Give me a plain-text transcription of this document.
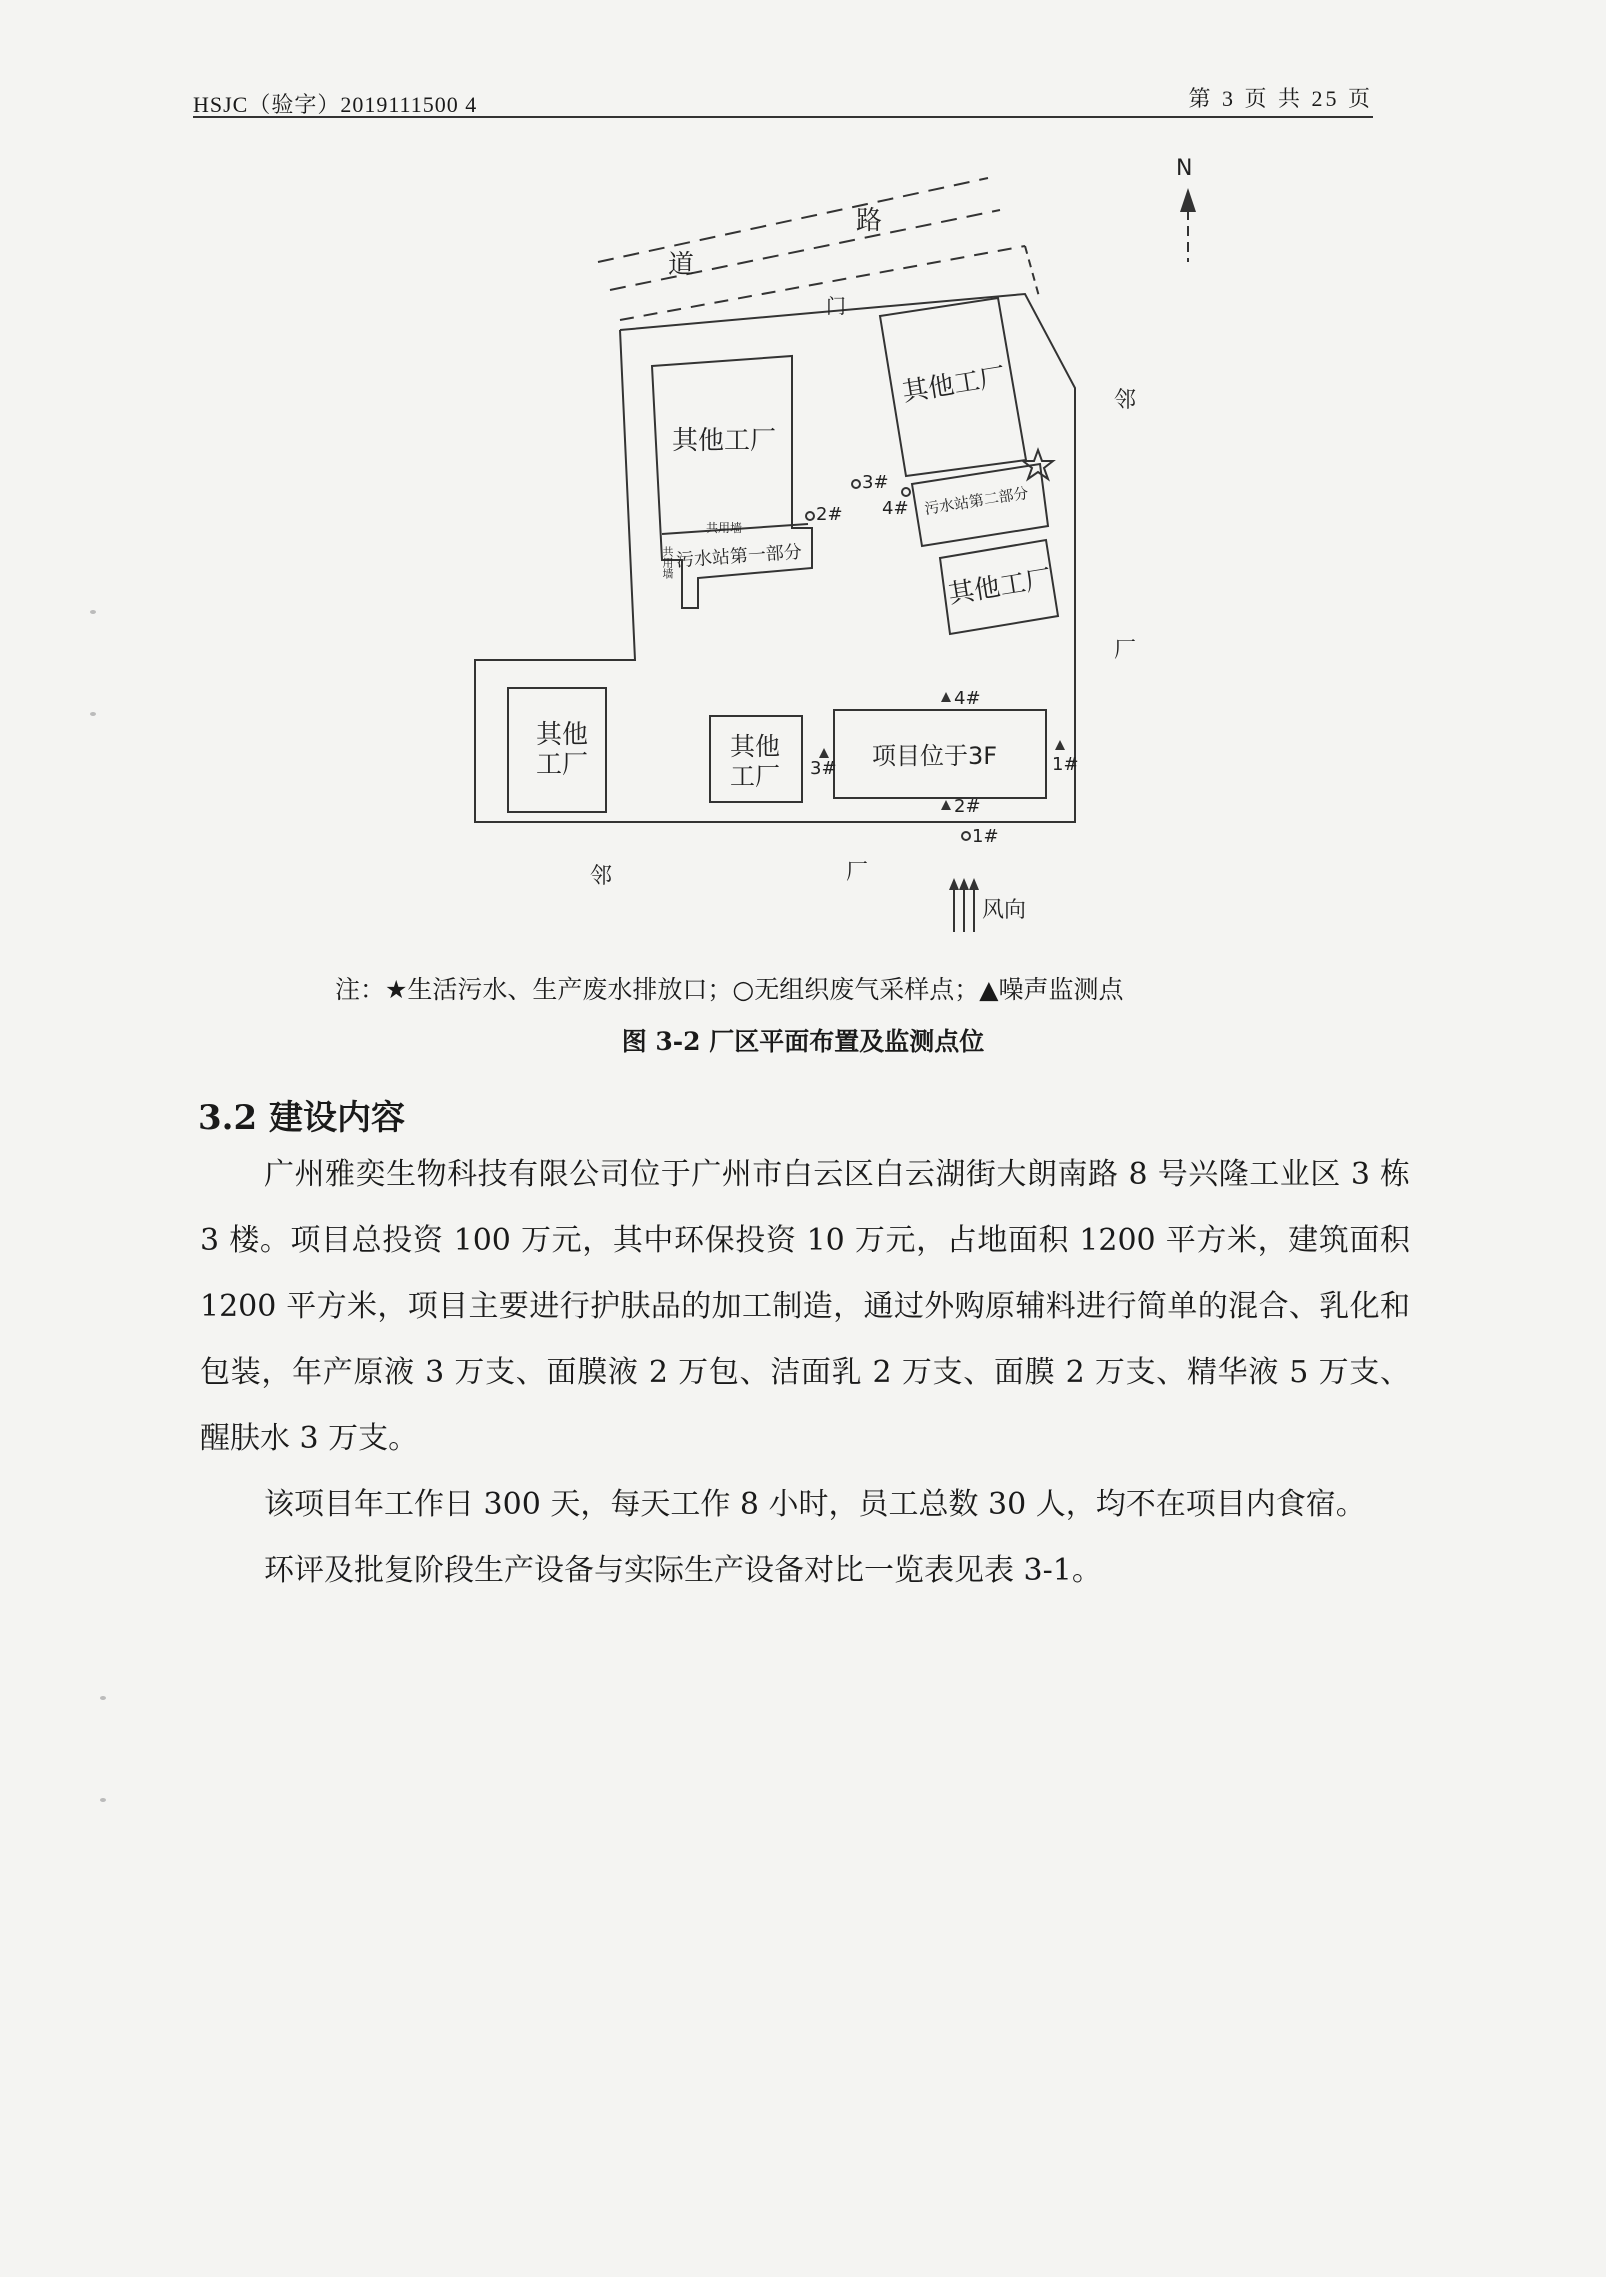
HSJC（验字）2019111500 4	第 3 页 共 25 页
N
道
路
门
其他工厂
其他工厂
其他工厂
其他
工厂
其他
工厂
项目位于3F
共用墙
共用墙 污水站第一部分
污水站第二部分
1#
2#
3#
4#
1#
2#
3#
4#
邻
厂
邻	厂
风向
注：★生活污水、生产废水排放口；○无组织废气采样点；▲噪声监测点
图 3-2 厂区平面布置及监测点位
3.2 建设内容

广州雅奕生物科技有限公司位于广州市白云区白云湖街大朗南路 8 号兴隆工业区 3 栋 3 楼。项目总投资 100 万元，其中环保投资 10 万元，占地面积 1200 平方米，建筑面积 1200 平方米，项目主要进行护肤品的加工制造，通过外购原辅料进行简单的混合、乳化和包装，年产原液 3 万支、面膜液 2 万包、洁面乳 2 万支、面膜 2 万支、精华液 5 万支、醒肤水 3 万支。

该项目年工作日 300 天，每天工作 8 小时，员工总数 30 人，均不在项目内食宿。

环评及批复阶段生产设备与实际生产设备对比一览表见表 3-1。
